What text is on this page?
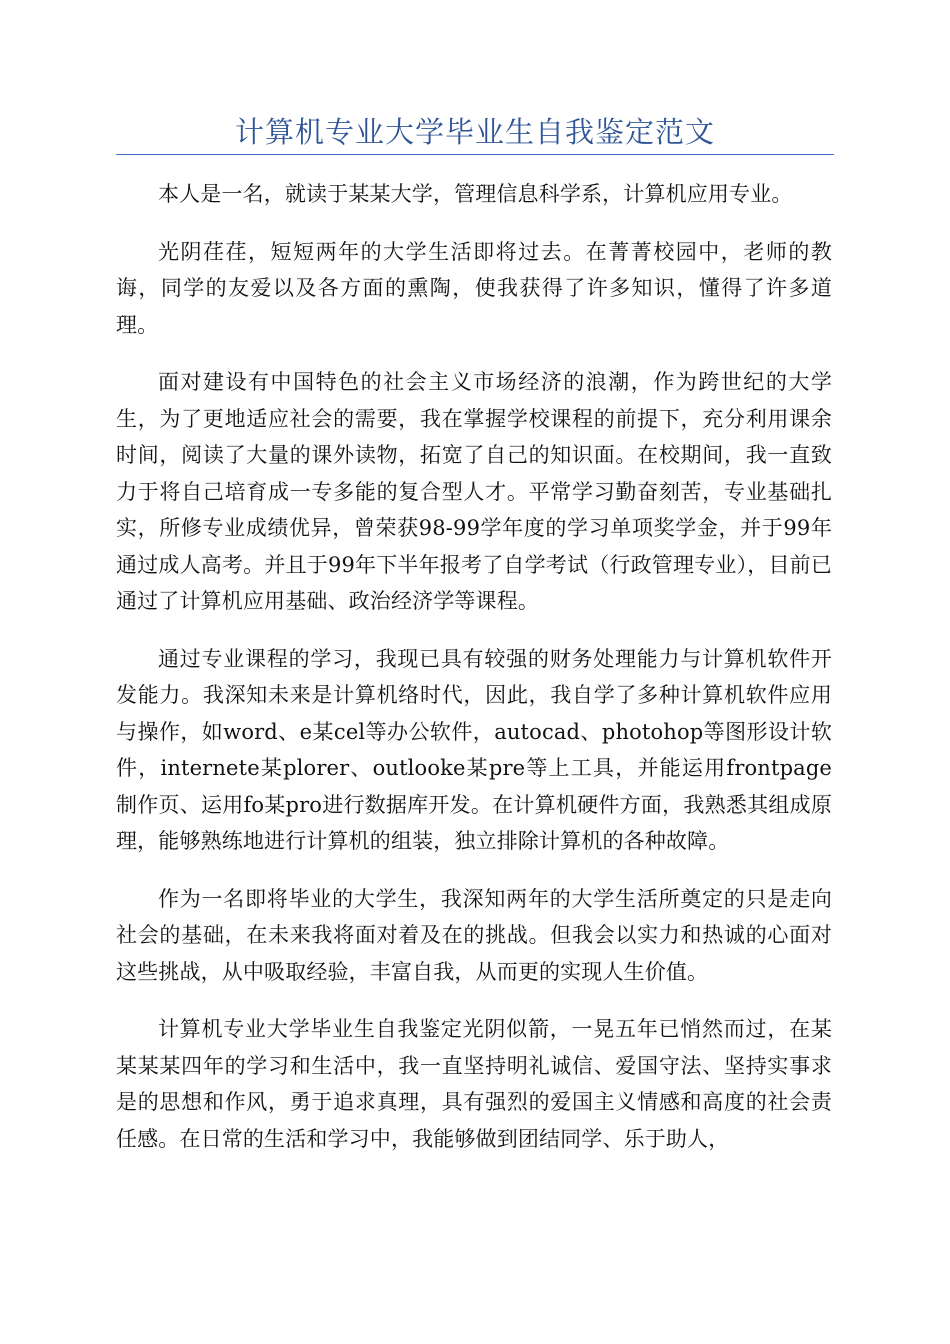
计算机专业大学毕业生自我鉴定范文

本人是一名，就读于某某大学，管理信息科学系，计算机应用专业。

光阴荏荏，短短两年的大学生活即将过去。在菁菁校园中，老师的教诲，同学的友爱以及各方面的熏陶，使我获得了许多知识，懂得了许多道理。

面对建设有中国特色的社会主义市场经济的浪潮，作为跨世纪的大学生，为了更地适应社会的需要，我在掌握学校课程的前提下，充分利用课余时间，阅读了大量的课外读物，拓宽了自己的知识面。在校期间，我一直致力于将自己培育成一专多能的复合型人才。平常学习勤奋刻苦，专业基础扎实，所修专业成绩优异，曾荣获98-99学年度的学习单项奖学金，并于99年通过成人高考。并且于99年下半年报考了自学考试（行政管理专业），目前已通过了计算机应用基础、政治经济学等课程。

通过专业课程的学习，我现已具有较强的财务处理能力与计算机软件开发能力。我深知未来是计算机络时代，因此，我自学了多种计算机软件应用与操作，如word、e某cel等办公软件，autocad、photohop等图形设计软件，internete某plorer、outlooke某pre等上工具，并能运用frontpage制作页、运用fo某pro进行数据库开发。在计算机硬件方面，我熟悉其组成原理，能够熟练地进行计算机的组装，独立排除计算机的各种故障。

作为一名即将毕业的大学生，我深知两年的大学生活所奠定的只是走向社会的基础，在未来我将面对着及在的挑战。但我会以实力和热诚的心面对这些挑战，从中吸取经验，丰富自我，从而更的实现人生价值。

计算机专业大学毕业生自我鉴定光阴似箭，一晃五年已悄然而过，在某某某某四年的学习和生活中，我一直坚持明礼诚信、爱国守法、坚持实事求是的思想和作风，勇于追求真理，具有强烈的爱国主义情感和高度的社会责任感。在日常的生活和学习中，我能够做到团结同学、乐于助人，
